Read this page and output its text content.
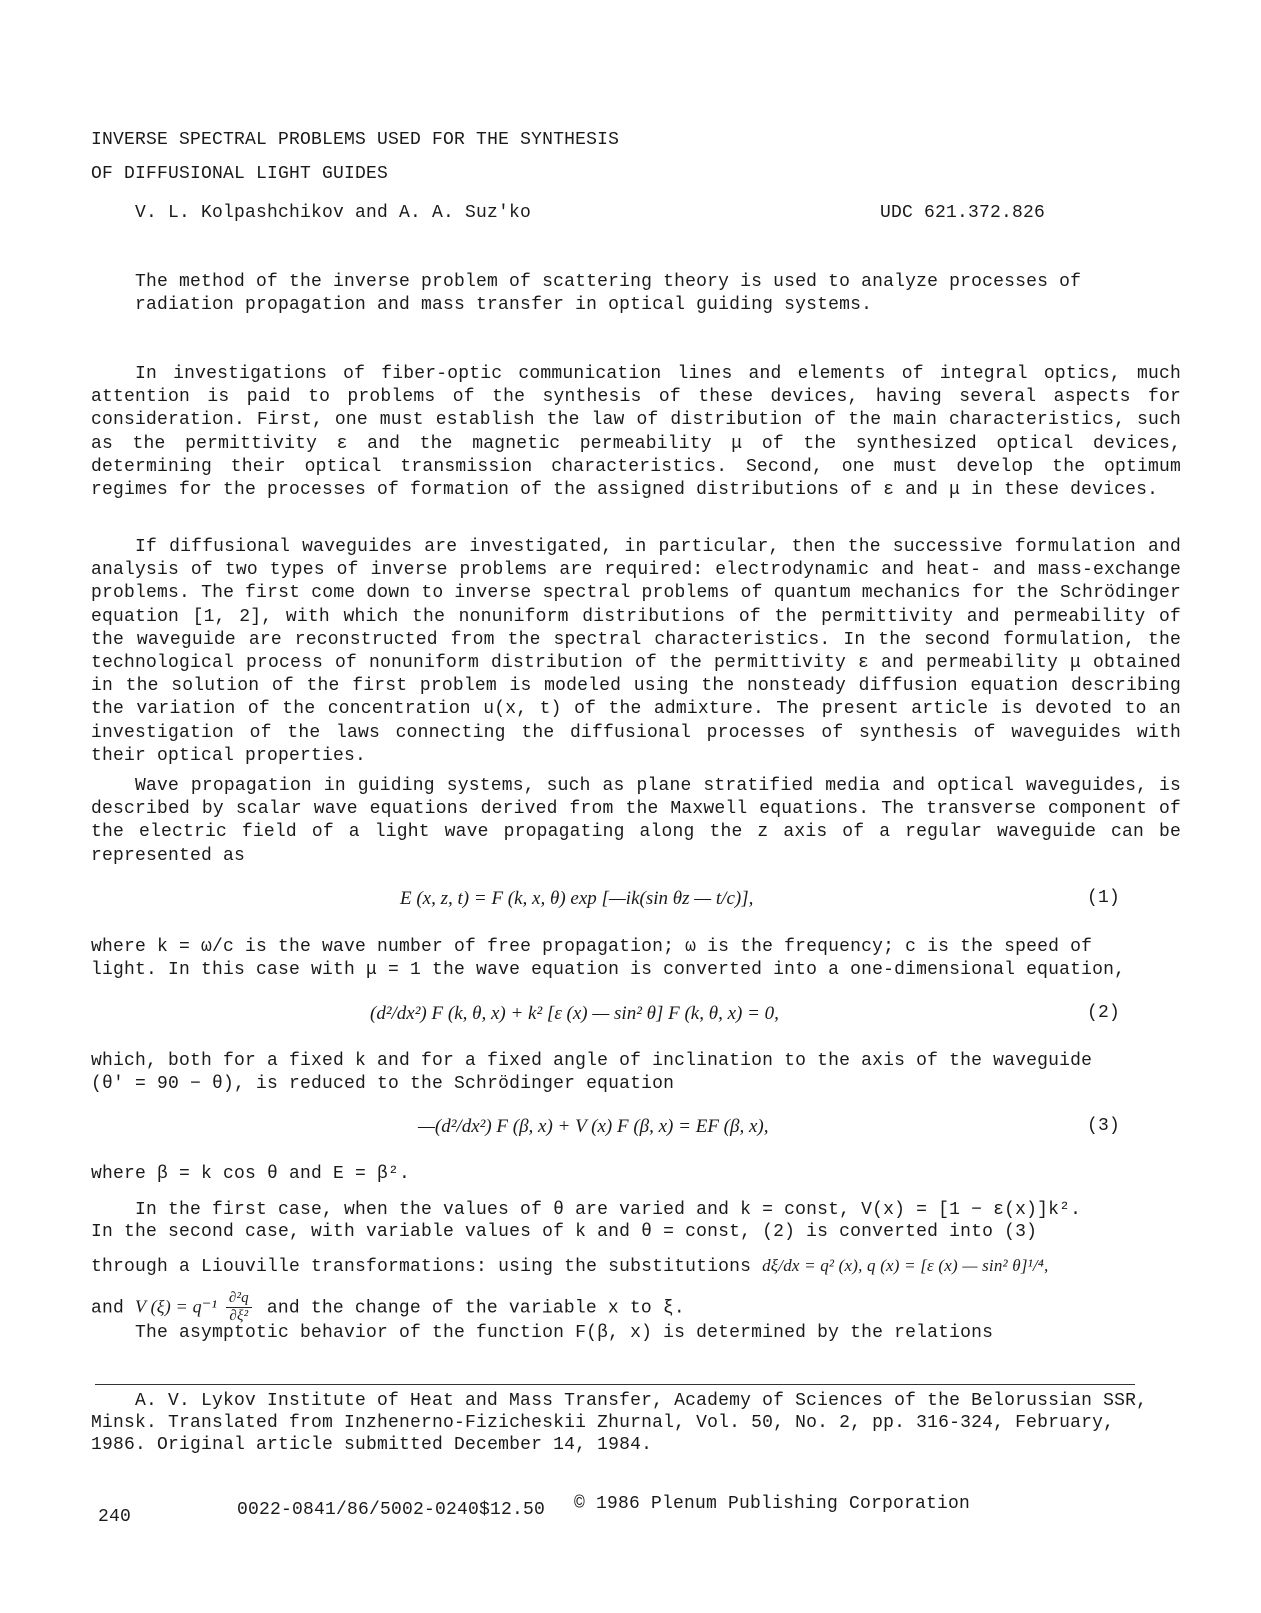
INVERSE SPECTRAL PROBLEMS USED FOR THE SYNTHESIS
OF DIFFUSIONAL LIGHT GUIDES
V. L. Kolpashchikov and A. A. Suz'ko	UDC 621.372.826
The method of the inverse problem of scattering theory is used to analyze processes of radiation propagation and mass transfer in optical guiding systems.
In investigations of fiber-optic communication lines and elements of integral optics, much attention is paid to problems of the synthesis of these devices, having several aspects for consideration. First, one must establish the law of distribution of the main characteristics, such as the permittivity ε and the magnetic permeability μ of the synthesized optical devices, determining their optical transmission characteristics. Second, one must develop the optimum regimes for the processes of formation of the assigned distributions of ε and μ in these devices.
If diffusional waveguides are investigated, in particular, then the successive formulation and analysis of two types of inverse problems are required: electrodynamic and heat- and mass-exchange problems. The first come down to inverse spectral problems of quantum mechanics for the Schrödinger equation [1, 2], with which the nonuniform distributions of the permittivity and permeability of the waveguide are reconstructed from the spectral characteristics. In the second formulation, the technological process of nonuniform distribution of the permittivity ε and permeability μ obtained in the solution of the first problem is modeled using the nonsteady diffusion equation describing the variation of the concentration u(x, t) of the admixture. The present article is devoted to an investigation of the laws connecting the diffusional processes of synthesis of waveguides with their optical properties.
Wave propagation in guiding systems, such as plane stratified media and optical waveguides, is described by scalar wave equations derived from the Maxwell equations. The transverse component of the electric field of a light wave propagating along the z axis of a regular waveguide can be represented as
E (x, z, t) = F (k, x, θ) exp [—ik(sin θz — t/c)],	(1)
where k = ω/c is the wave number of free propagation; ω is the frequency; c is the speed of
light. In this case with μ = 1 the wave equation is converted into a one-dimensional equation,
(d²/dx²) F (k, θ, x) + k² [ε (x) — sin² θ] F (k, θ, x) = 0,	(2)
which, both for a fixed k and for a fixed angle of inclination to the axis of the waveguide
(θ' = 90 − θ), is reduced to the Schrödinger equation
—(d²/dx²) F (β, x) + V (x) F (β, x) = EF (β, x),	(3)
where β = k cos θ and E = β².
In the first case, when the values of θ are varied and k = const, V(x) = [1 − ε(x)]k².
In the second case, with variable values of k and θ = const, (2) is converted into (3)
through a Liouville transformations: using the substitutions dξ/dx = q² (x), q (x) = [ε (x) — sin² θ]¹/⁴,
and V $(\xi) = q^{-1} \frac{\text{∂²q}}{\text{∂ξ²}}$ and the change of the variable x to ξ.
The asymptotic behavior of the function F(β, x) is determined by the relations
A. V. Lykov Institute of Heat and Mass Transfer, Academy of Sciences of the Belorussian SSR, Minsk. Translated from Inzhenerno-Fizicheskii Zhurnal, Vol. 50, No. 2, pp. 316-324, February, 1986. Original article submitted December 14, 1984.
240	0022-0841/86/5002-0240$12.50 © 1986 Plenum Publishing Corporation
